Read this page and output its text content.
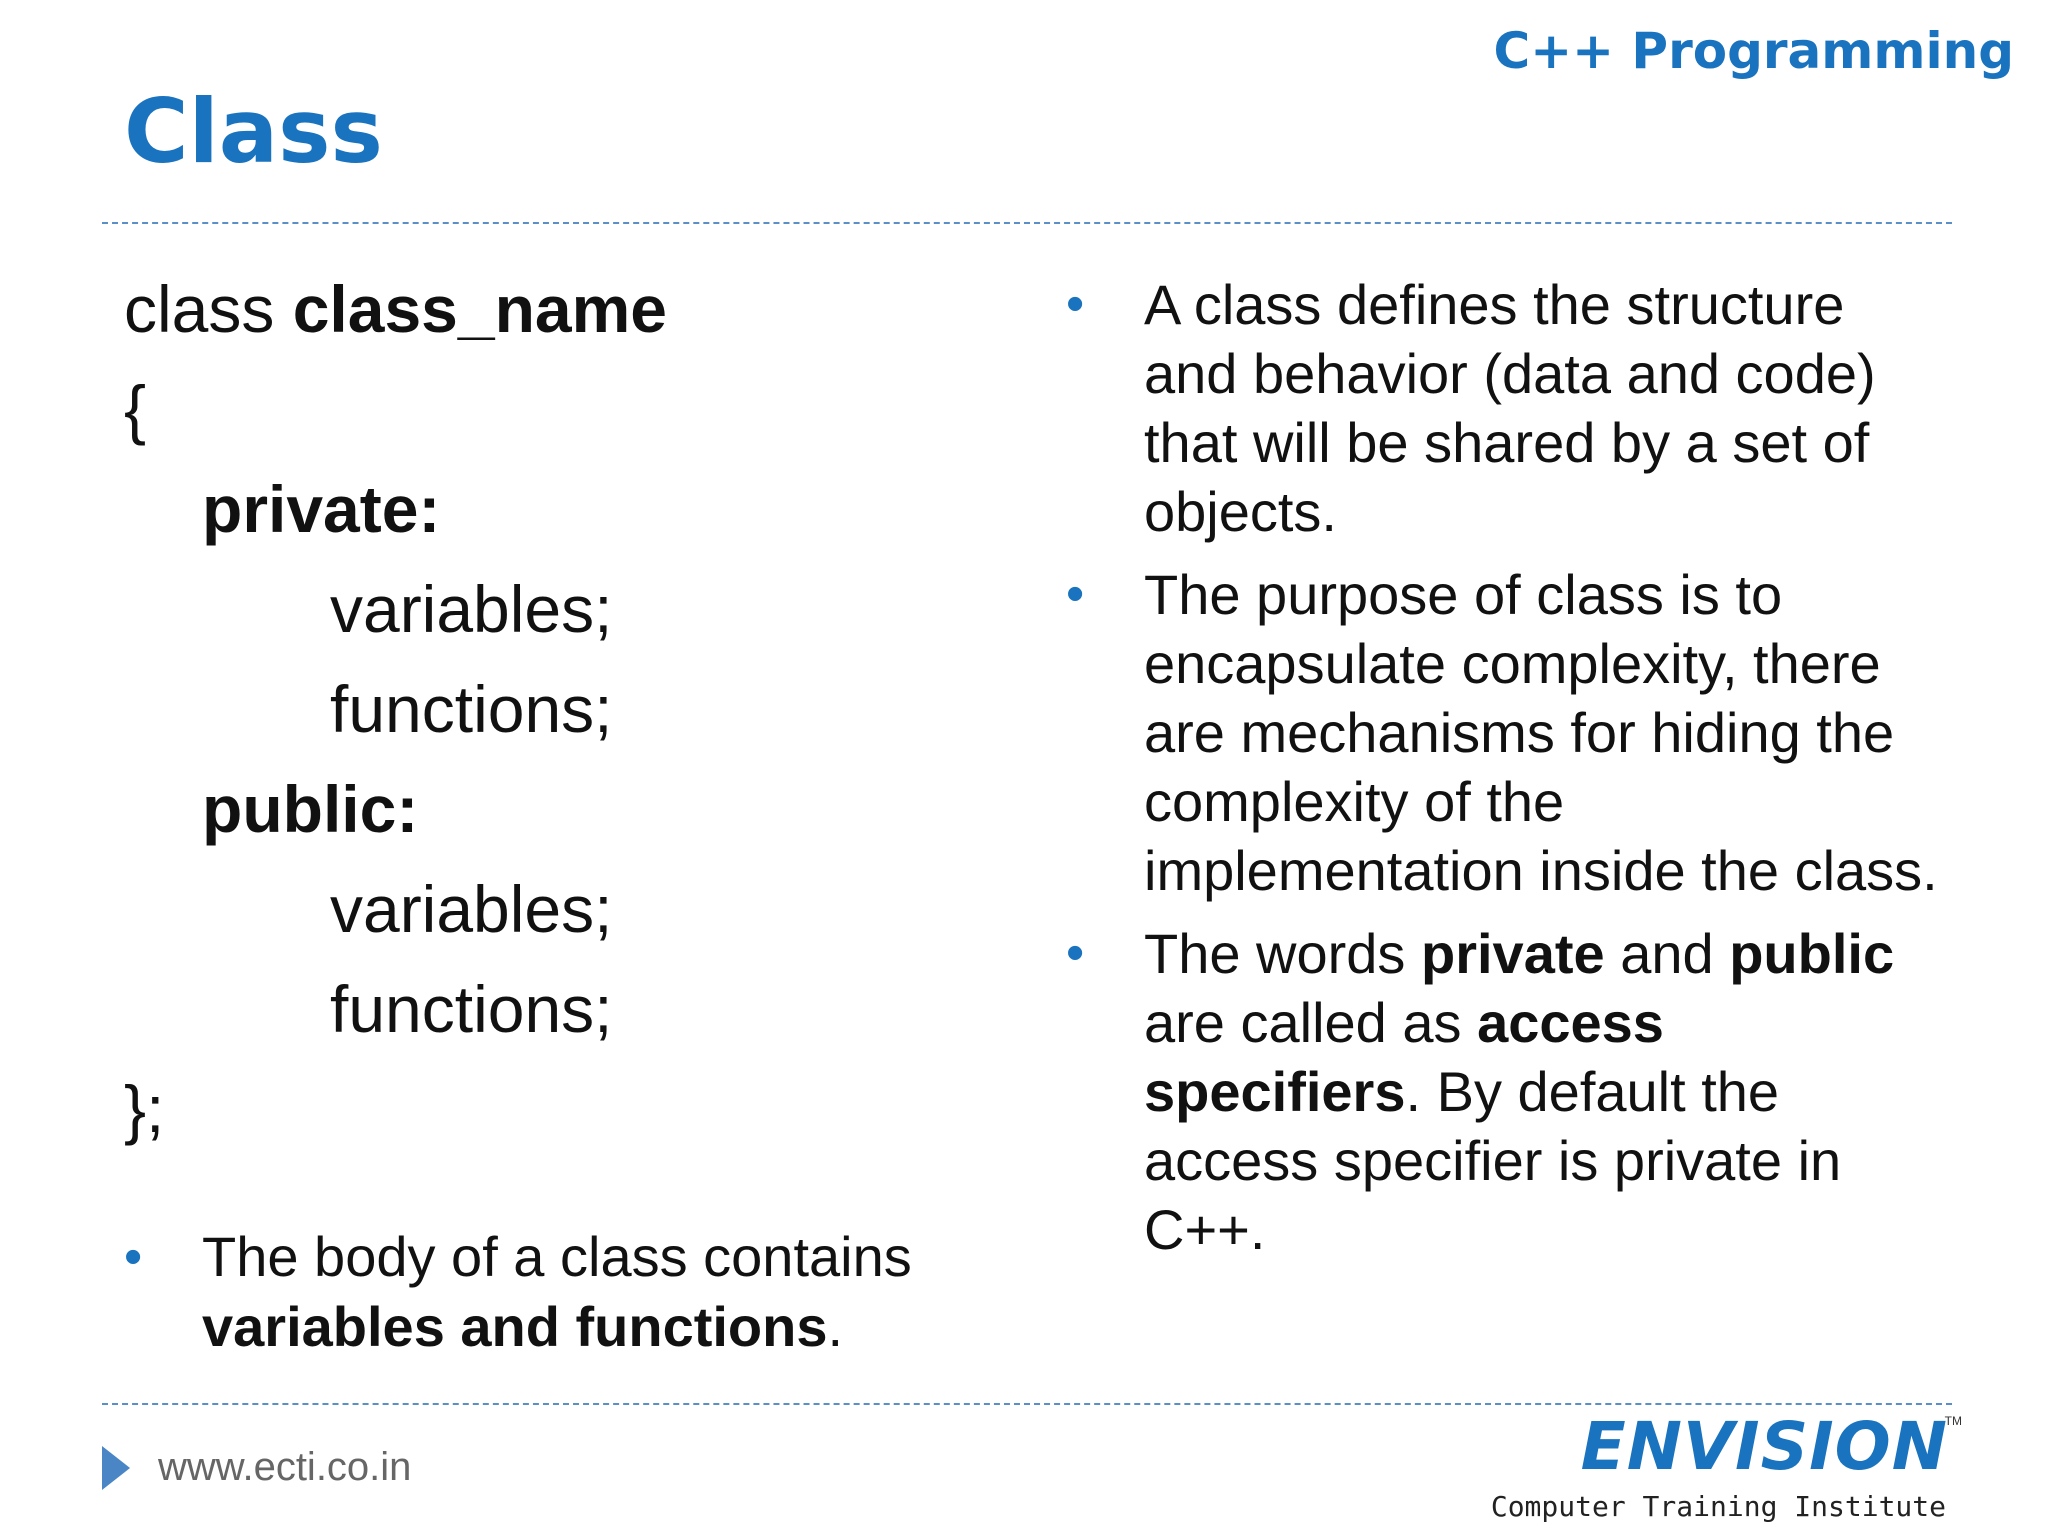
C++ Programming
Class
class class_name
{
private:
variables;
functions;
public:
variables;
functions;
};
• The body of a class contains variables and functions.
• A class defines the structure and behavior (data and code) that will be shared by a set of objects.
• The purpose of class is to encapsulate complexity, there are mechanisms for hiding the complexity of the implementation inside the class.
• The words private and public are called as access specifiers. By default the access specifier is private in C++.
www.ecti.co.in	ENVISION
TM
Computer Training Institute
